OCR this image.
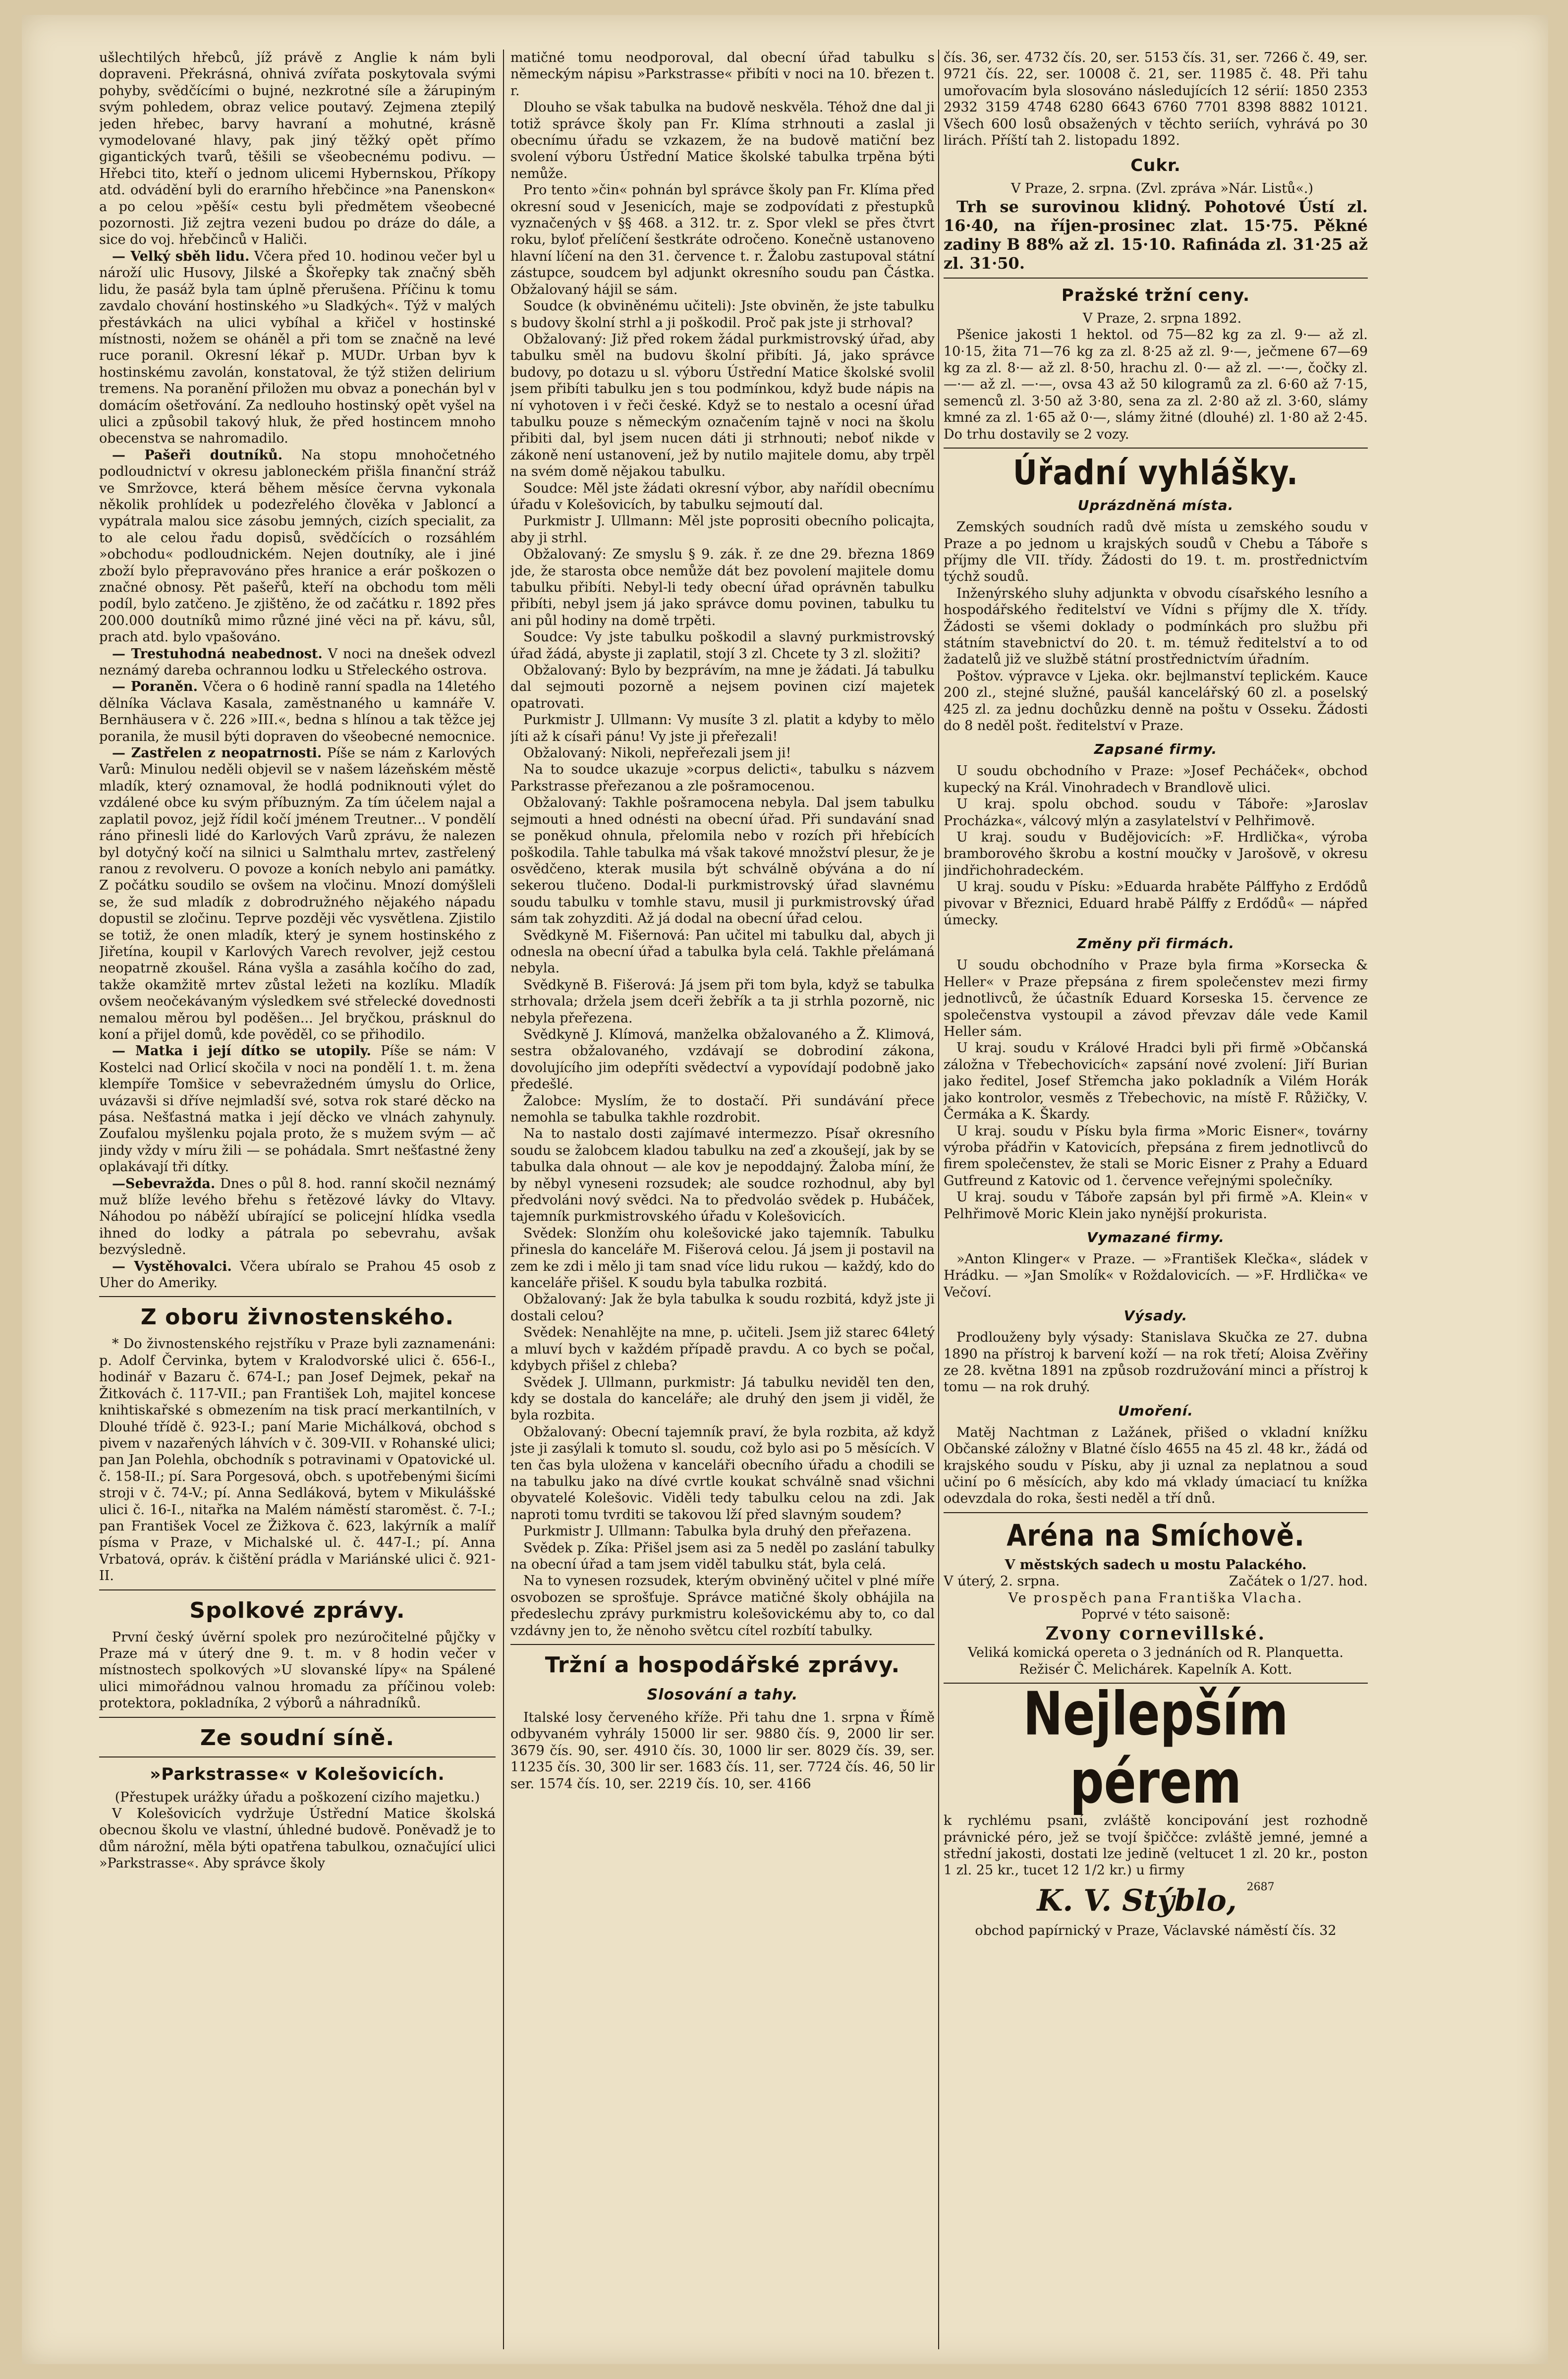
ušlechtilých hřebců, jíž právě z Anglie k nám byli dopraveni. Překrásná, ohnivá zvířata poskytovala svými pohyby, svědčícími o bujné, nezkrotné síle a žárupiným svým pohledem, obraz velice poutavý. Zejmena ztepilý jeden hřebec, barvy havraní a mohutné, krásně vymodelované hlavy, pak jiný těžký opět přímo gigantických tvarů, těšili se všeobecnému podivu. — Hřebci tito, kteří o jednom ulicemi Hybernskou, Příkopy atd. odvádění byli do erarního hřebčince »na Panenskon« a po celou »pěší« cestu byli předmětem všeobecné pozornosti. Již zejtra vezeni budou po dráze do dále, a sice do voj. hřebčinců v Haliči.

— Velký sběh lidu. Včera před 10. hodinou večer byl u nároží ulic Husovy, Jilské a Škořepky tak značný sběh lidu, že pasáž byla tam úplně přerušena. Příčinu k tomu zavdalo chování hostinského »u Sladkých«. Týž v malých přestávkách na ulici vybíhal a křičel v hostinské místnosti, nožem se oháněl a při tom se značně na levé ruce poranil. Okresní lékař p. MUDr. Urban byv k hostinskému zavolán, konstatoval, že týž stižen delirium tremens. Na poranění přiložen mu obvaz a ponechán byl v domácím ošetřování. Za nedlouho hostinský opět vyšel na ulici a způsobil takový hluk, že před hostincem mnoho obecenstva se nahromadilo.

— Pašeři doutníků. Na stopu mnohočetného podloudnictví v okresu jabloneckém přišla finanční stráž ve Smržovce, která během měsíce června vykonala několik prohlídek u podezřelého člověka v Jabloncí a vypátrala malou sice zásobu jemných, cizích specialit, za to ale celou řadu dopisů, svědčících o rozsáhlém »obchodu« podloudnickém. Nejen doutníky, ale i jiné zboží bylo přepravováno přes hranice a erár poškozen o značné obnosy. Pět pašeřů, kteří na obchodu tom měli podíl, bylo zatčeno. Je zjištěno, že od začátku r. 1892 přes 200.000 doutníků mimo různé jiné věci na př. kávu, sůl, prach atd. bylo vpašováno.

— Trestuhodná neabednost. V noci na dnešek odvezl neznámý dareba ochrannou lodku u Střeleckého ostrova.

— Poraněn. Včera o 6 hodině ranní spadla na 14letého dělníka Václava Kasala, zaměstnaného u kamnáře V. Bernhäusera v č. 226 »III.«, bedna s hlínou a tak těžce jej poranila, že musil býti dopraven do všeobecné nemocnice.

— Zastřelen z neopatrnosti. Píše se nám z Karlových Varů: Minulou neděli objevil se v našem lázeňském městě mladík, který oznamoval, že hodlá podniknouti výlet do vzdálené obce ku svým příbuzným. Za tím účelem najal a zaplatil povoz, jejž řídil kočí jménem Treutner... V pondělí ráno přinesli lidé do Karlových Varů zprávu, že nalezen byl dotyčný kočí na silnici u Salmthalu mrtev, zastřelený ranou z revolveru. O povoze a koních nebylo ani památky. Z počátku soudilo se ovšem na vločinu. Mnozí domýšleli se, že sud mladík z dobrodružného nějakého nápadu dopustil se zločinu. Teprve později věc vysvětlena. Zjistilo se totiž, že onen mladík, který je synem hostinského z Jiřetína, koupil v Karlových Varech revolver, jejž cestou neopatrně zkoušel. Rána vyšla a zasáhla kočího do zad, takže okamžitě mrtev zůstal ležeti na kozlíku. Mladík ovšem neočekávaným výsledkem své střelecké dovednosti nemalou měrou byl poděšen... Jel bryčkou, prásknul do koní a přijel domů, kde pověděl, co se přihodilo.

— Matka i její dítko se utopily. Píše se nám: V Kostelci nad Orlicí skočila v noci na pondělí 1. t. m. žena klempíře Tomšice v sebevražedném úmyslu do Orlice, uvázavši si dříve nejmladší své, sotva rok staré děcko na pása. Nešťastná matka i její děcko ve vlnách zahynuly. Zoufalou myšlenku pojala proto, že s mužem svým — ač jindy vždy v míru žili — se pohádala. Smrt nešťastné ženy oplakávají tři dítky.

—Sebevražda. Dnes o půl 8. hod. ranní skočil neznámý muž blíže levého břehu s řetězové lávky do Vltavy. Náhodou po náběží ubírající se policejní hlídka vsedla ihned do lodky a pátrala po sebevrahu, avšak bezvýsledně.

— Vystěhovalci. Včera ubíralo se Prahou 45 osob z Uher do Ameriky.

Z oboru živnostenského.

* Do živnostenského rejstříku v Praze byli zaznamenáni: p. Adolf Červinka, bytem v Kralodvorské ulici č. 656-I., hodinář v Bazaru č. 674-I.; pan Josef Dejmek, pekař na Žitkovách č. 117-VII.; pan František Loh, majitel koncese knihtiskařské s obmezením na tisk prací merkantilních, v Dlouhé třídě č. 923-I.; paní Marie Michálková, obchod s pivem v nazařených láhvích v č. 309-VII. v Rohanské ulici; pan Jan Polehla, obchodník s potravinami v Opatovické ul. č. 158-II.; pí. Sara Porgesová, obch. s upotřebenými šicími stroji v č. 74-V.; pí. Anna Sedláková, bytem v Mikulášské ulici č. 16-I., nitařka na Malém náměstí staroměst. č. 7-I.; pan František Vocel ze Žižkova č. 623, lakýrník a malíř písma v Praze, v Michalské ul. č. 447-I.; pí. Anna Vrbatová, opráv. k čištění prádla v Mariánské ulici č. 921-II.

Spolkové zprávy.

První český úvěrní spolek pro nezúročitelné půjčky v Praze má v úterý dne 9. t. m. v 8 hodin večer v místnostech spolkových »U slovanské lípy« na Spálené ulici mimořádnou valnou hromadu za příčinou voleb: protektora, pokladníka, 2 výborů a náhradníků.

Ze soudní síně.
»Parkstrasse« v Kolešovicích.
(Přestupek urážky úřadu a poškození cizího majetku.)

V Kolešovicích vydržuje Ústřední Matice školská obecnou školu ve vlastní, úhledné budově. Poněvadž je to dům nárožní, měla býti opatřena tabulkou, označující ulici »Parkstrasse«. Aby správce školy

matičné tomu neodporoval, dal obecní úřad tabulku s německým nápisu »Parkstrasse« přibíti v noci na 10. březen t. r.

Dlouho se však tabulka na budově neskvěla. Téhož dne dal ji totiž správce školy pan Fr. Klíma strhnouti a zaslal ji obecnímu úřadu se vzkazem, že na budově matiční bez svolení výboru Ústřední Matice školské tabulka trpěna býti nemůže.

Pro tento »čin« pohnán byl správce školy pan Fr. Klíma před okresní soud v Jesenicích, maje se zodpovídati z přestupků vyznačených v §§ 468. a 312. tr. z. Spor vlekl se přes čtvrt roku, byloť přelíčení šestkráte odročeno. Konečně ustanoveno hlavní líčení na den 31. července t. r. Žalobu zastupoval státní zástupce, soudcem byl adjunkt okresního soudu pan Částka. Obžalovaný hájil se sám.

Soudce (k obviněnému učiteli): Jste obviněn, že jste tabulku s budovy školní strhl a ji poškodil. Proč pak jste ji strhoval?

Obžalovaný: Již před rokem žádal purkmistrovský úřad, aby tabulku směl na budovu školní přibíti. Já, jako správce budovy, po dotazu u sl. výboru Ústřední Matice školské svolil jsem přibíti tabulku jen s tou podmínkou, když bude nápis na ní vyhotoven i v řeči české. Když se to nestalo a ocesní úřad tabulku pouze s německým označením tajně v noci na školu přibiti dal, byl jsem nucen dáti ji strhnouti; neboť nikde v zákoně není ustanovení, jež by nutilo majitele domu, aby trpěl na svém domě nějakou tabulku.

Soudce: Měl jste žádati okresní výbor, aby nařídil obecnímu úřadu v Kolešovicích, by tabulku sejmoutí dal.

Purkmistr J. Ullmann: Měl jste poprositi obecního policajta, aby ji strhl.

Obžalovaný: Ze smyslu § 9. zák. ř. ze dne 29. března 1869 jde, že starosta obce nemůže dát bez povolení majitele domu tabulku přibíti. Nebyl-li tedy obecní úřad oprávněn tabulku přibíti, nebyl jsem já jako správce domu povinen, tabulku tu ani půl hodiny na domě trpěti.

Soudce: Vy jste tabulku poškodil a slavný purkmistrovský úřad žádá, abyste ji zaplatil, stojí 3 zl. Chcete ty 3 zl. složiti?

Obžalovaný: Bylo by bezprávím, na mne je žádati. Já tabulku dal sejmouti pozorně a nejsem povinen cizí majetek opatrovati.

Purkmistr J. Ullmann: Vy musíte 3 zl. platit a kdyby to mělo jíti až k císaři pánu! Vy jste ji přeřezali!

Obžalovaný: Nikoli, nepřeřezali jsem ji!

Na to soudce ukazuje »corpus delicti«, tabulku s názvem Parkstrasse přeřezanou a zle pošramocenou.

Obžalovaný: Takhle pošramocena nebyla. Dal jsem tabulku sejmouti a hned odnésti na obecní úřad. Při sundavání snad se poněkud ohnula, přelomila nebo v rozích při hřebících poškodila. Tahle tabulka má však takové množství plesur, že je osvědčeno, kterak musila být schválně obývána a do ní sekerou tlučeno. Dodal-li purkmistrovský úřad slavnému soudu tabulku v tomhle stavu, musil ji purkmistrovský úřad sám tak zohyzditi. Až já dodal na obecní úřad celou.

Svědkyně M. Fišernová: Pan učitel mi tabulku dal, abych ji odnesla na obecní úřad a tabulka byla celá. Takhle přelámaná nebyla.

Svědkyně B. Fišerová: Já jsem při tom byla, když se tabulka strhovala; držela jsem dceři žebřík a ta ji strhla pozorně, nic nebyla přeřezena.

Svědkyně J. Klímová, manželka obžalovaného a Ž. Klimová, sestra obžalovaného, vzdávají se dobrodiní zákona, dovolujícího jim odepříti svědectví a vypovídají podobně jako předešlé.

Žalobce: Myslím, že to dostačí. Při sundávání přece nemohla se tabulka takhle rozdrobit.

Na to nastalo dosti zajímavé intermezzo. Písař okresního soudu se žalobcem kladou tabulku na zeď a zkoušejí, jak by se tabulka dala ohnout — ale kov je nepoddajný. Žaloba míní, že by něbyl vyneseni rozsudek; ale soudce rozhodnul, aby byl předvoláni nový svědci. Na to předvoláo svědek p. Hubáček, tajemník purkmistrovského úřadu v Kolešovicích.

Svědek: Slonžím ohu kolešovické jako tajemník. Tabulku přinesla do kanceláře M. Fišerová celou. Já jsem ji postavil na zem ke zdi i mělo ji tam snad více lidu rukou — každý, kdo do kanceláře přišel. K soudu byla tabulka rozbitá.

Obžalovaný: Jak že byla tabulka k soudu rozbitá, když jste ji dostali celou?

Svědek: Nenahlějte na mne, p. učiteli. Jsem již starec 64letý a mluví bych v každém případě pravdu. A co bych se počal, kdybych přišel z chleba?

Svědek J. Ullmann, purkmistr: Já tabulku neviděl ten den, kdy se dostala do kanceláře; ale druhý den jsem ji viděl, že byla rozbita.

Obžalovaný: Obecní tajemník praví, že byla rozbita, až když jste ji zasýlali k tomuto sl. soudu, což bylo asi po 5 měsících. V ten čas byla uložena v kanceláři obecního úřadu a chodili se na tabulku jako na dívé cvrtle koukat schválně snad všichni obyvatelé Kolešovic. Viděli tedy tabulku celou na zdi. Jak naproti tomu tvrditi se takovou lží před slavným soudem?

Purkmistr J. Ullmann: Tabulka byla druhý den přeřazena.

Svědek p. Zíka: Přišel jsem asi za 5 neděl po zaslání tabulky na obecní úřad a tam jsem viděl tabulku stát, byla celá.

Na to vynesen rozsudek, kterým obviněný učitel v plné míře osvobozen se sprošťuje. Správce matičné školy obhájila na předeslechu zprávy purkmistru kolešovickému aby to, co dal vzdávny jen to, že něnoho světcu cítel rozbítí tabulky.

Tržní a hospodářské zprávy.
Slosování a tahy.

Italské losy červeného kříže. Při tahu dne 1. srpna v Římě odbyvaném vyhrály 15000 lir ser. 9880 čís. 9, 2000 lir ser. 3679 čís. 90, ser. 4910 čís. 30, 1000 lir ser. 8029 čís. 39, ser. 11235 čís. 30, 300 lir ser. 1683 čís. 11, ser. 7724 čís. 46, 50 lir ser. 1574 čís. 10, ser. 2219 čís. 10, ser. 4166

čís. 36, ser. 4732 čís. 20, ser. 5153 čís. 31, ser. 7266 č. 49, ser. 9721 čís. 22, ser. 10008 č. 21, ser. 11985 č. 48. Při tahu umořovacím byla slosováno následujících 12 sérií: 1850 2353 2932 3159 4748 6280 6643 6760 7701 8398 8882 10121. Všech 600 losů obsažených v těchto seriích, vyhrává po 30 lirách. Příští tah 2. listopadu 1892.

Cukr.

V Praze, 2. srpna. (Zvl. zpráva »Nár. Listů«.)

Trh se surovinou klidný. Pohotové Ústí zl. 16·40, na říjen-prosinec zlat. 15·75. Pěkné zadiny B 88% až zl. 15·10. Rafináda zl. 31·25 až zl. 31·50.

Pražské tržní ceny.

V Praze, 2. srpna 1892.

Pšenice jakosti 1 hektol. od 75—82 kg za zl. 9·— až zl. 10·15, žita 71—76 kg za zl. 8·25 až zl. 9·—, ječmene 67—69 kg za zl. 8·— až zl. 8·50, hrachu zl. 0·— až zl. —·—, čočky zl. —·— až zl. —·—, ovsa 43 až 50 kilogramů za zl. 6·60 až 7·15, semenců zl. 3·50 až 3·80, sena za zl. 2·80 až zl. 3·60, slámy kmné za zl. 1·65 až 0·—, slámy žitné (dlouhé) zl. 1·80 až 2·45. Do trhu dostavily se 2 vozy.

Úřadní vyhlášky.
Uprázdněná místa.

Zemských soudních radů dvě místa u zemského soudu v Praze a po jednom u krajských soudů v Chebu a Táboře s příjmy dle VII. třídy. Žádosti do 19. t. m. prostřednictvím týchž soudů.

Inženýrského sluhy adjunkta v obvodu císařského lesního a hospodářského ředitelství ve Vídni s příjmy dle X. třídy. Žádosti se všemi doklady o podmínkách pro službu při státním stavebnictví do 20. t. m. témuž ředitelství a to od žadatelů již ve službě státní prostřednictvím úřadním.

Poštov. výpravce v Ljeka. okr. bejlmanství teplickém. Kauce 200 zl., stejné služné, paušál kancelářský 60 zl. a poselský 425 zl. za jednu dochůzku denně na poštu v Osseku. Žádosti do 8 neděl pošt. ředitelství v Praze.

Zapsané firmy.

U soudu obchodního v Praze: »Josef Pecháček«, obchod kupecký na Král. Vinohradech v Brandlově ulici.

U kraj. spolu obchod. soudu v Táboře: »Jaroslav Procházka«, válcový mlýn a zasylatelství v Pelhřimově.

U kraj. soudu v Budějovicích: »F. Hrdlička«, výroba bramborového škrobu a kostní moučky v Jarošově, v okresu jindřichohradeckém.

U kraj. soudu v Písku: »Eduarda hraběte Pálffyho z Erdődů pivovar v Březnici, Eduard hrabě Pálffy z Erdődů« — nápřed úmecky.

Změny při firmách.

U soudu obchodního v Praze byla firma »Korsecka & Heller« v Praze přepsána z firem společenstev mezi firmy jednotlivců, že účastník Eduard Korseska 15. července ze společenstva vystoupil a závod převzav dále vede Kamil Heller sám.

U kraj. soudu v Králové Hradci byli při firmě »Občanská záložna v Třebechovicích« zapsání nové zvolení: Jiří Burian jako ředitel, Josef Střemcha jako pokladník a Vilém Horák jako kontrolor, vesměs z Třebechovic, na místě F. Růžičky, V. Čermáka a K. Škardy.

U kraj. soudu v Písku byla firma »Moric Eisner«, továrny výroba přádřin v Katovicích, přepsána z firem jednotlivců do firem společenstev, že stali se Moric Eisner z Prahy a Eduard Gutfreund z Katovic od 1. července veřejnými společníky.

U kraj. soudu v Táboře zapsán byl při firmě »A. Klein« v Pelhřimově Moric Klein jako nynější prokurista.

Vymazané firmy.

»Anton Klinger« v Praze. — »František Klečka«, sládek v Hrádku. — »Jan Smolík« v Roždalovicích. — »F. Hrdlička« ve Večoví.

Výsady.

Prodlouženy byly výsady: Stanislava Skučka ze 27. dubna 1890 na přístroj k barvení koží — na rok třetí; Aloisa Zvěřiny ze 28. května 1891 na způsob rozdružování minci a přístroj k tomu — na rok druhý.

Umoření.

Matěj Nachtman z Lažánek, přišed o vkladní knížku Občanské záložny v Blatné číslo 4655 na 45 zl. 48 kr., žádá od krajského soudu v Písku, aby ji uznal za neplatnou a soud učiní po 6 měsících, aby kdo má vklady úmaciací tu knížka odevzdala do roka, šesti neděl a tří dnů.

Aréna na Smíchově.
V městských sadech u mostu Palackého.
V úterý, 2. srpna.	Začátek o 1/27. hod.
Ve prospěch pana Františka Vlacha.
Poprvé v této saisoně:
Zvony cornevillské.
Veliká komická opereta o 3 jednáních od R. Planquetta. Režisér Č. Melichárek. Kapelník A. Kott.
Nejlepším pérem

k rychlému psaní, zvláště koncipování jest rozhodně právnické péro, jež se tvojí špiččce: zvláště jemné, jemné a střední jakosti, dostati lze jedině (veltucet 1 zl. 20 kr., poston 1 zl. 25 kr., tucet 12 1/2 kr.) u firmy

K. V. Stýblo, 2687
obchod papírnický v Praze, Václavské náměstí čís. 32
